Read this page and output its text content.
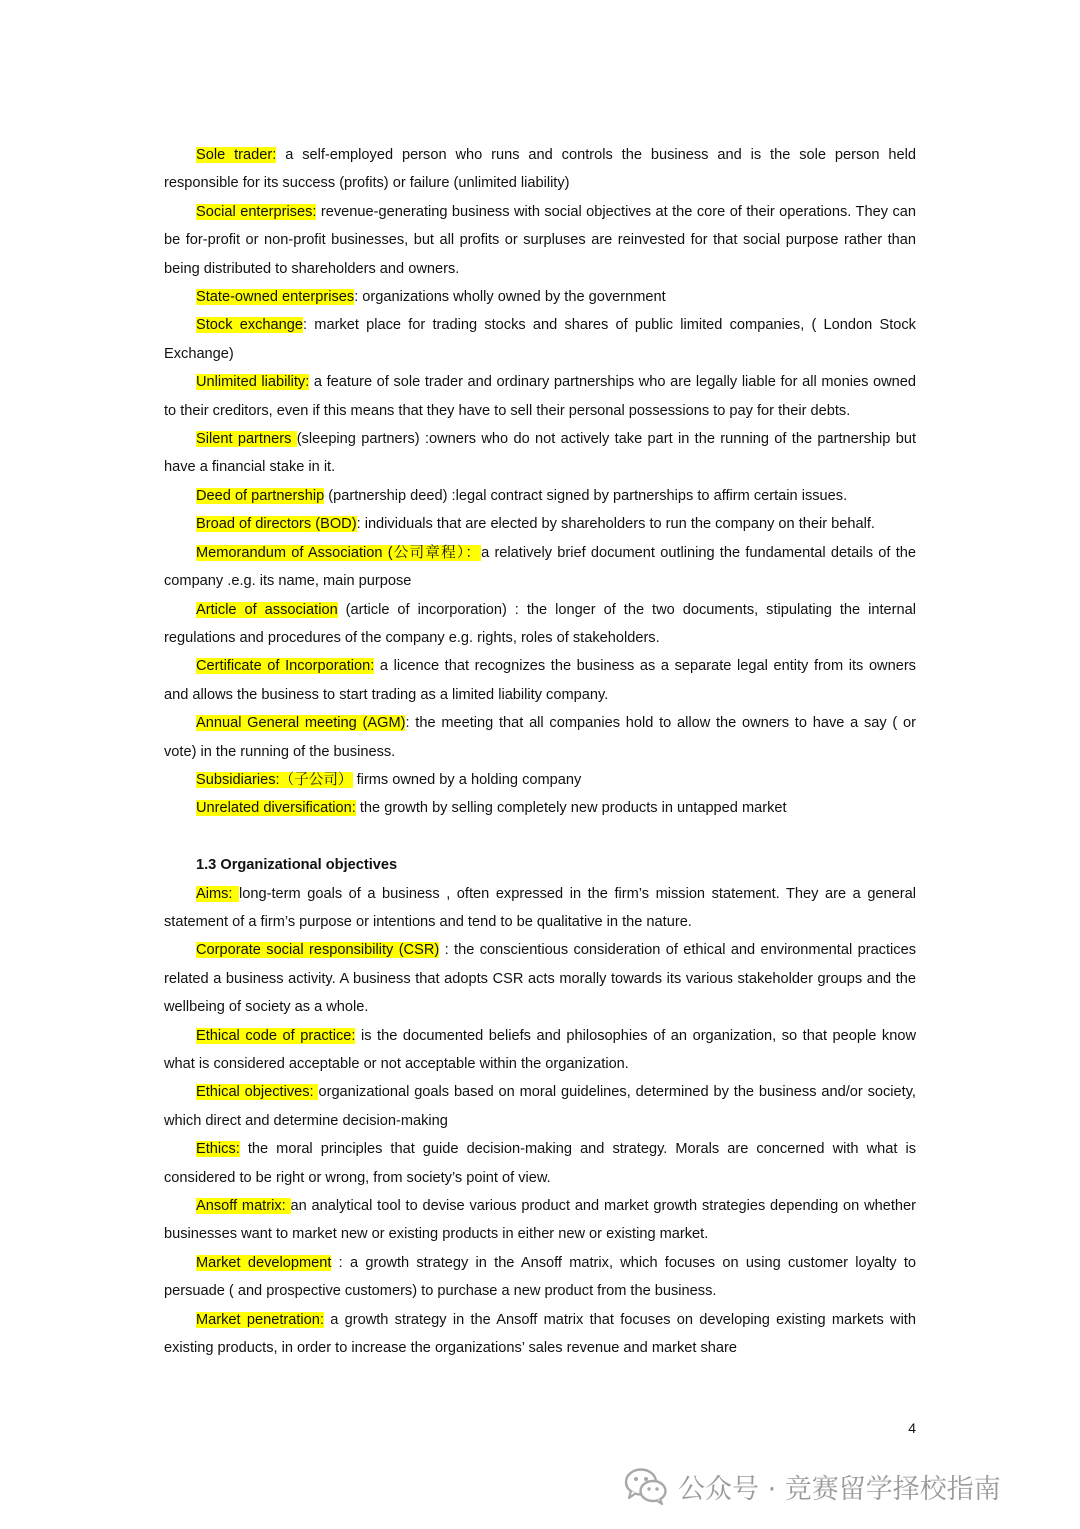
Sole trader: a self-employed person who runs and controls the business and is the sole person held responsible for its success (profits) or failure (unlimited liability)

Social enterprises: revenue-generating business with social objectives at the core of their operations. They can be for-profit or non-profit businesses, but all profits or surpluses are reinvested for that social purpose rather than being distributed to shareholders and owners.

State-owned enterprises: organizations wholly owned by the government

Stock exchange: market place for trading stocks and shares of public limited companies, ( London Stock Exchange)

Unlimited liability: a feature of sole trader and ordinary partnerships who are legally liable for all monies owned to their creditors, even if this means that they have to sell their personal possessions to pay for their debts.

Silent partners (sleeping partners) :owners who do not actively take part in the running of the partnership but have a financial stake in it.

Deed of partnership (partnership deed) :legal contract signed by partnerships to affirm certain issues.

Broad of directors (BOD): individuals that are elected by shareholders to run the company on their behalf.

Memorandum of Association (公司章程）：a relatively brief document outlining the fundamental details of the company .e.g. its name, main purpose

Article of association (article of incorporation) : the longer of the two documents, stipulating the internal regulations and procedures of the company e.g. rights, roles of stakeholders.

Certificate of Incorporation: a licence that recognizes the business as a separate legal entity from its owners and allows the business to start trading as a limited liability company.

Annual General meeting (AGM): the meeting that all companies hold to allow the owners to have a say ( or vote) in the running of the business.

Subsidiaries:（子公司） firms owned by a holding company

Unrelated diversification: the growth by selling completely new products in untapped market

1.3 Organizational objectives

Aims: long-term goals of a business , often expressed in the firm’s mission statement. They are a general statement of a firm’s purpose or intentions and tend to be qualitative in the nature.

Corporate social responsibility (CSR) : the conscientious consideration of ethical and environmental practices related a business activity. A business that adopts CSR acts morally towards its various stakeholder groups and the wellbeing of society as a whole.

Ethical code of practice: is the documented beliefs and philosophies of an organization, so that people know what is considered acceptable or not acceptable within the organization.

Ethical objectives: organizational goals based on moral guidelines, determined by the business and/or society, which direct and determine decision-making

Ethics: the moral principles that guide decision-making and strategy. Morals are concerned with what is considered to be right or wrong, from society’s point of view.

Ansoff matrix: an analytical tool to devise various product and market growth strategies depending on whether businesses want to market new or existing products in either new or existing market.

Market development : a growth strategy in the Ansoff matrix, which focuses on using customer loyalty to persuade ( and prospective customers) to purchase a new product from the business.

Market penetration: a growth strategy in the Ansoff matrix that focuses on developing existing markets with existing products, in order to increase the organizations’ sales revenue and market share

4
公众号 · 竞赛留学择校指南
